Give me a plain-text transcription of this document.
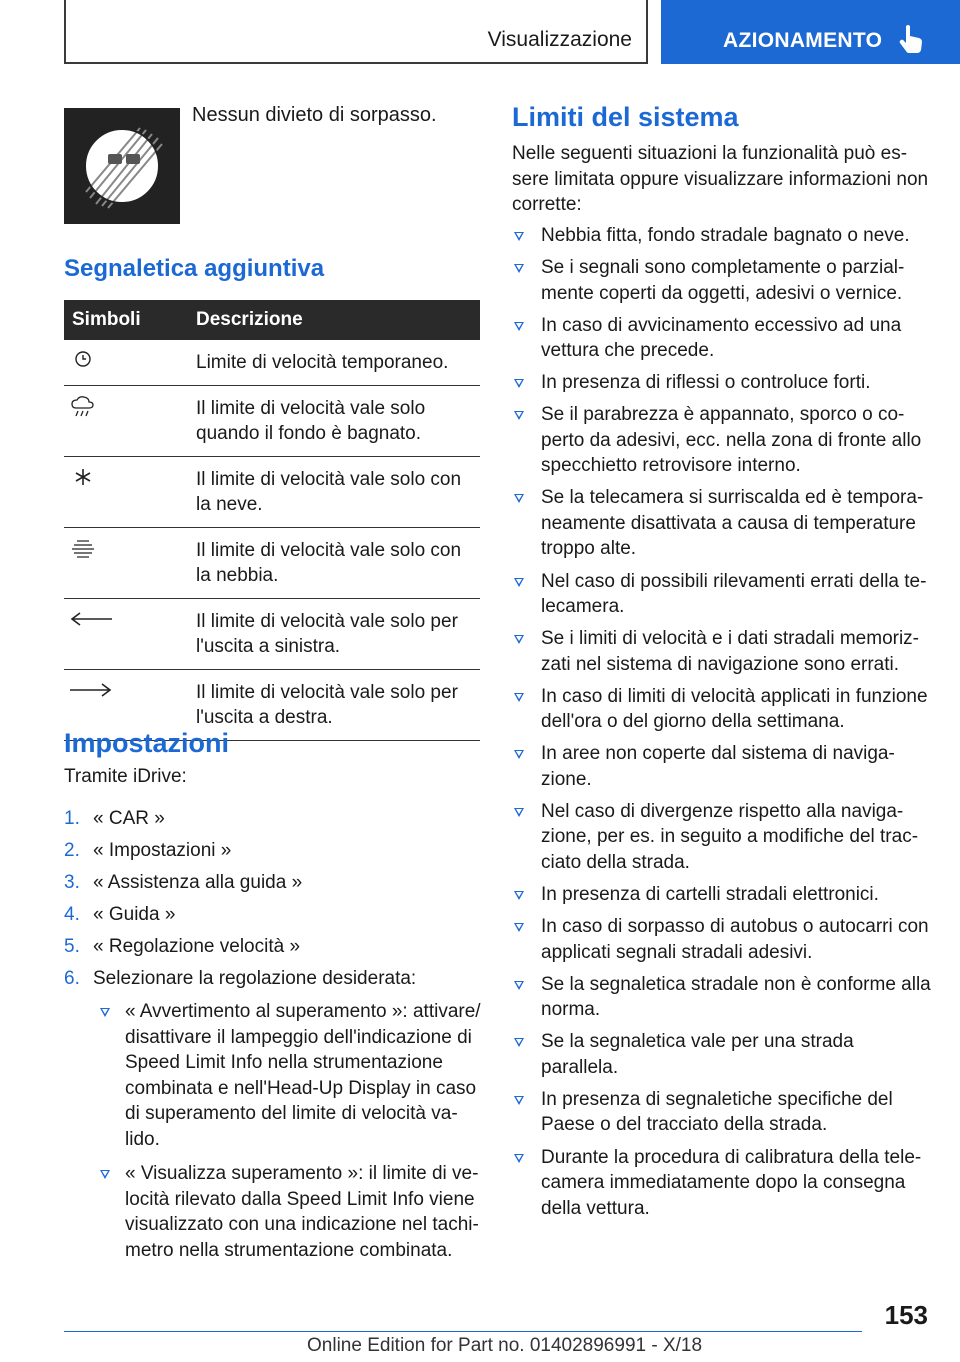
Visualizzazione	AZIONAMENTO
Nessun divieto di sorpasso.
Segnaletica aggiuntiva
Simboli	Descrizione

	Limite di velocità temporaneo.

	Il limite di velocità vale solo
quando il fondo è bagnato.

	Il limite di velocità vale solo con
la neve.

	Il limite di velocità vale solo con
la nebbia.

	Il limite di velocità vale solo per
l'uscita a sinistra.

	Il limite di velocità vale solo per
l'uscita a destra.
Impostazioni
Tramite iDrive:
1. « CAR »
2. « Impostazioni »
3. « Assistenza alla guida »
4. « Guida »
5. « Regolazione velocità »
6. Selezionare la regolazione desiderata:
« Avvertimento al superamento »: attivare/
disattivare il lampeggio dell'indicazione di
Speed Limit Info nella strumentazione
combinata e nell'Head-Up Display in caso
di superamento del limite di velocità va-
lido.
« Visualizza superamento »: il limite di ve-
locità rilevato dalla Speed Limit Info viene
visualizzato con una indicazione nel tachi-
metro nella strumentazione combinata.
Limiti del sistema
Nelle seguenti situazioni la funzionalità può es-
sere limitata oppure visualizzare informazioni non
corrette:
Nebbia fitta, fondo stradale bagnato o neve.
Se i segnali sono completamente o parzial-
mente coperti da oggetti, adesivi o vernice.
In caso di avvicinamento eccessivo ad una
vettura che precede.
In presenza di riflessi o controluce forti.
Se il parabrezza è appannato, sporco o co-
perto da adesivi, ecc. nella zona di fronte allo
specchietto retrovisore interno.
Se la telecamera si surriscalda ed è tempora-
neamente disattivata a causa di temperature
troppo alte.
Nel caso di possibili rilevamenti errati della te-
lecamera.
Se i limiti di velocità e i dati stradali memoriz-
zati nel sistema di navigazione sono errati.
In caso di limiti di velocità applicati in funzione
dell'ora o del giorno della settimana.
In aree non coperte dal sistema di naviga-
zione.
Nel caso di divergenze rispetto alla naviga-
zione, per es. in seguito a modifiche del trac-
ciato della strada.
In presenza di cartelli stradali elettronici.
In caso di sorpasso di autobus o autocarri con
applicati segnali stradali adesivi.
Se la segnaletica stradale non è conforme alla
norma.
Se la segnaletica vale per una strada parallela.
In presenza di segnaletiche specifiche del
Paese o del tracciato della strada.
Durante la procedura di calibratura della tele-
camera immediatamente dopo la consegna
della vettura.
153
Online Edition for Part no. 01402896991 - X/18
